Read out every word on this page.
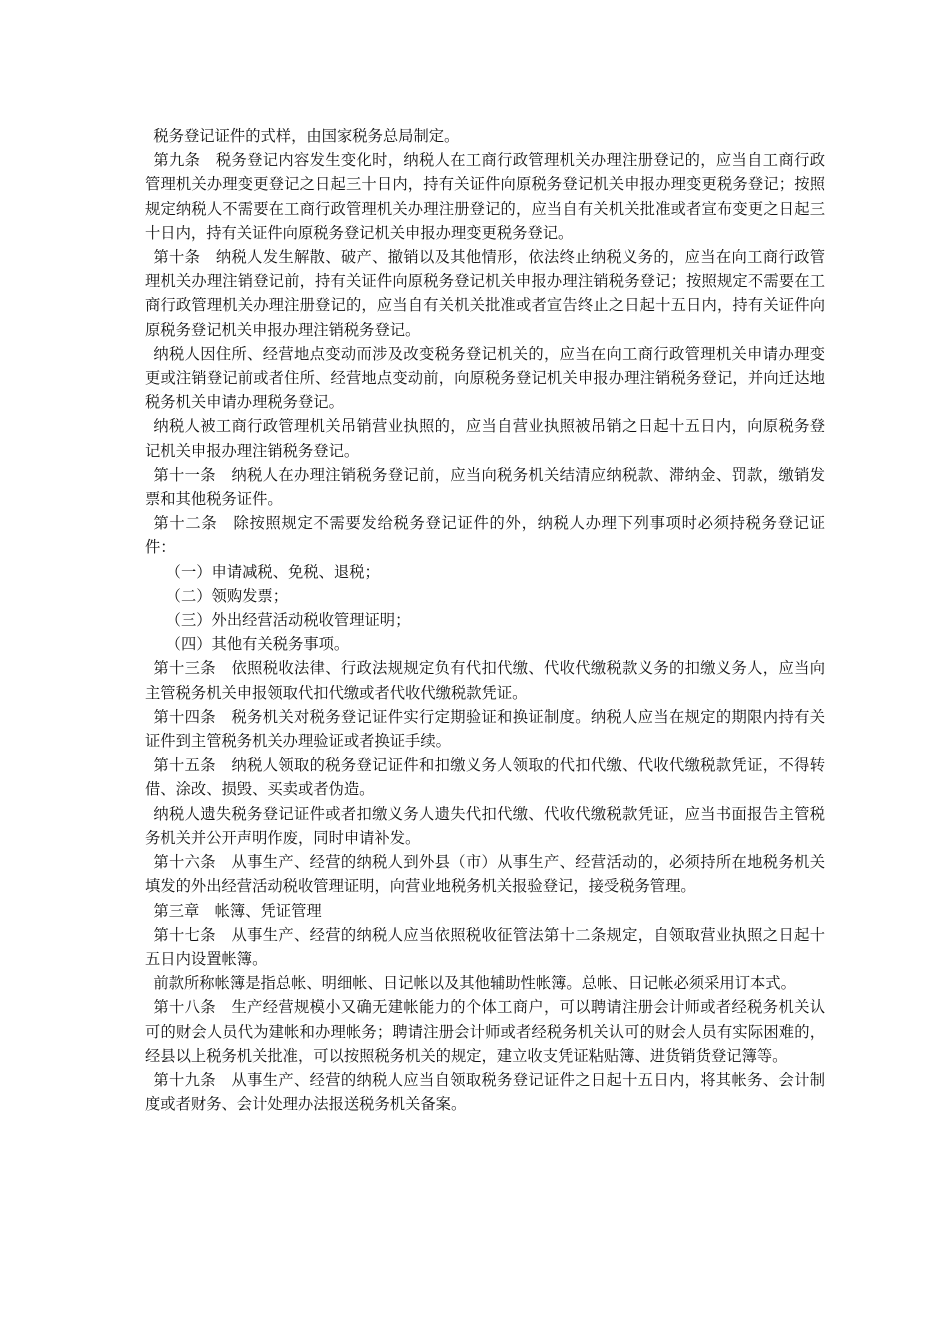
税务登记证件的式样，由国家税务总局制定。

第九条　税务登记内容发生变化时，纳税人在工商行政管理机关办理注册登记的，应当自工商行政管理机关办理变更登记之日起三十日内，持有关证件向原税务登记机关申报办理变更税务登记；按照规定纳税人不需要在工商行政管理机关办理注册登记的，应当自有关机关批准或者宣布变更之日起三十日内，持有关证件向原税务登记机关申报办理变更税务登记。

第十条　纳税人发生解散、破产、撤销以及其他情形，依法终止纳税义务的，应当在向工商行政管理机关办理注销登记前，持有关证件向原税务登记机关申报办理注销税务登记；按照规定不需要在工商行政管理机关办理注册登记的，应当自有关机关批准或者宣告终止之日起十五日内，持有关证件向原税务登记机关申报办理注销税务登记。

纳税人因住所、经营地点变动而涉及改变税务登记机关的，应当在向工商行政管理机关申请办理变更或注销登记前或者住所、经营地点变动前，向原税务登记机关申报办理注销税务登记，并向迁达地税务机关申请办理税务登记。

纳税人被工商行政管理机关吊销营业执照的，应当自营业执照被吊销之日起十五日内，向原税务登记机关申报办理注销税务登记。

第十一条　纳税人在办理注销税务登记前，应当向税务机关结清应纳税款、滞纳金、罚款，缴销发票和其他税务证件。

第十二条　除按照规定不需要发给税务登记证件的外，纳税人办理下列事项时必须持税务登记证件：

（一）申请减税、免税、退税；

（二）领购发票；

（三）外出经营活动税收管理证明；

（四）其他有关税务事项。

第十三条　依照税收法律、行政法规规定负有代扣代缴、代收代缴税款义务的扣缴义务人，应当向主管税务机关申报领取代扣代缴或者代收代缴税款凭证。

第十四条　税务机关对税务登记证件实行定期验证和换证制度。纳税人应当在规定的期限内持有关证件到主管税务机关办理验证或者换证手续。

第十五条　纳税人领取的税务登记证件和扣缴义务人领取的代扣代缴、代收代缴税款凭证，不得转借、涂改、损毁、买卖或者伪造。

纳税人遗失税务登记证件或者扣缴义务人遗失代扣代缴、代收代缴税款凭证，应当书面报告主管税务机关并公开声明作废，同时申请补发。

第十六条　从事生产、经营的纳税人到外县（市）从事生产、经营活动的，必须持所在地税务机关填发的外出经营活动税收管理证明，向营业地税务机关报验登记，接受税务管理。

第三章　帐簿、凭证管理

第十七条　从事生产、经营的纳税人应当依照税收征管法第十二条规定，自领取营业执照之日起十五日内设置帐簿。

前款所称帐簿是指总帐、明细帐、日记帐以及其他辅助性帐簿。总帐、日记帐必须采用订本式。

第十八条　生产经营规模小又确无建帐能力的个体工商户，可以聘请注册会计师或者经税务机关认可的财会人员代为建帐和办理帐务；聘请注册会计师或者经税务机关认可的财会人员有实际困难的，经县以上税务机关批准，可以按照税务机关的规定，建立收支凭证粘贴簿、进货销货登记簿等。

第十九条　从事生产、经营的纳税人应当自领取税务登记证件之日起十五日内，将其帐务、会计制度或者财务、会计处理办法报送税务机关备案。
